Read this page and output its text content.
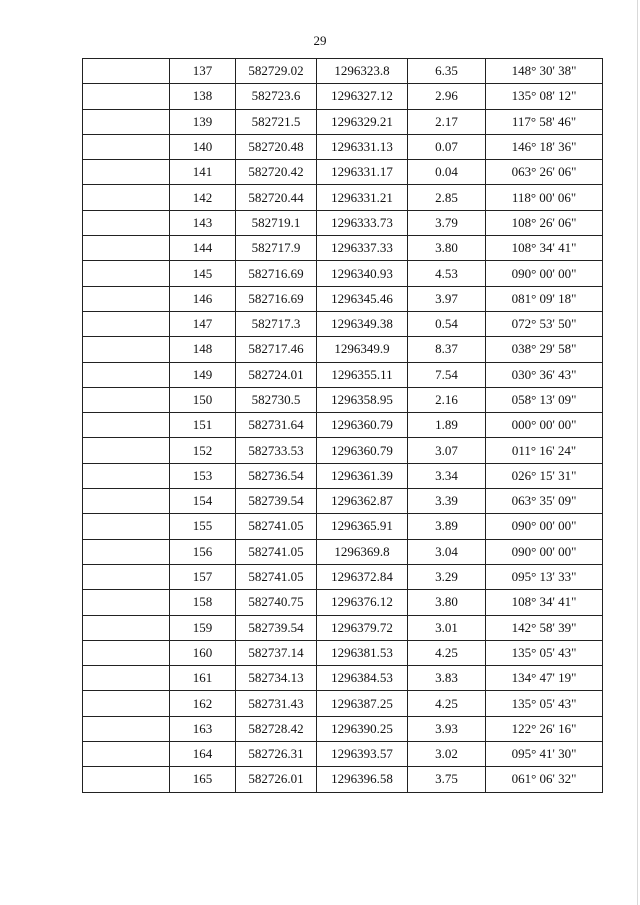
29
	137	582729.02	1296323.8	6.35	148° 30' 38"
	138	582723.6	1296327.12	2.96	135° 08' 12"
	139	582721.5	1296329.21	2.17	117° 58' 46"
	140	582720.48	1296331.13	0.07	146° 18' 36"
	141	582720.42	1296331.17	0.04	063° 26' 06"
	142	582720.44	1296331.21	2.85	118° 00' 06"
	143	582719.1	1296333.73	3.79	108° 26' 06"
	144	582717.9	1296337.33	3.80	108° 34' 41"
	145	582716.69	1296340.93	4.53	090° 00' 00"
	146	582716.69	1296345.46	3.97	081° 09' 18"
	147	582717.3	1296349.38	0.54	072° 53' 50"
	148	582717.46	1296349.9	8.37	038° 29' 58"
	149	582724.01	1296355.11	7.54	030° 36' 43"
	150	582730.5	1296358.95	2.16	058° 13' 09"
	151	582731.64	1296360.79	1.89	000° 00' 00"
	152	582733.53	1296360.79	3.07	011° 16' 24"
	153	582736.54	1296361.39	3.34	026° 15' 31"
	154	582739.54	1296362.87	3.39	063° 35' 09"
	155	582741.05	1296365.91	3.89	090° 00' 00"
	156	582741.05	1296369.8	3.04	090° 00' 00"
	157	582741.05	1296372.84	3.29	095° 13' 33"
	158	582740.75	1296376.12	3.80	108° 34' 41"
	159	582739.54	1296379.72	3.01	142° 58' 39"
	160	582737.14	1296381.53	4.25	135° 05' 43"
	161	582734.13	1296384.53	3.83	134° 47' 19"
	162	582731.43	1296387.25	4.25	135° 05' 43"
	163	582728.42	1296390.25	3.93	122° 26' 16"
	164	582726.31	1296393.57	3.02	095° 41' 30"
	165	582726.01	1296396.58	3.75	061° 06' 32"
